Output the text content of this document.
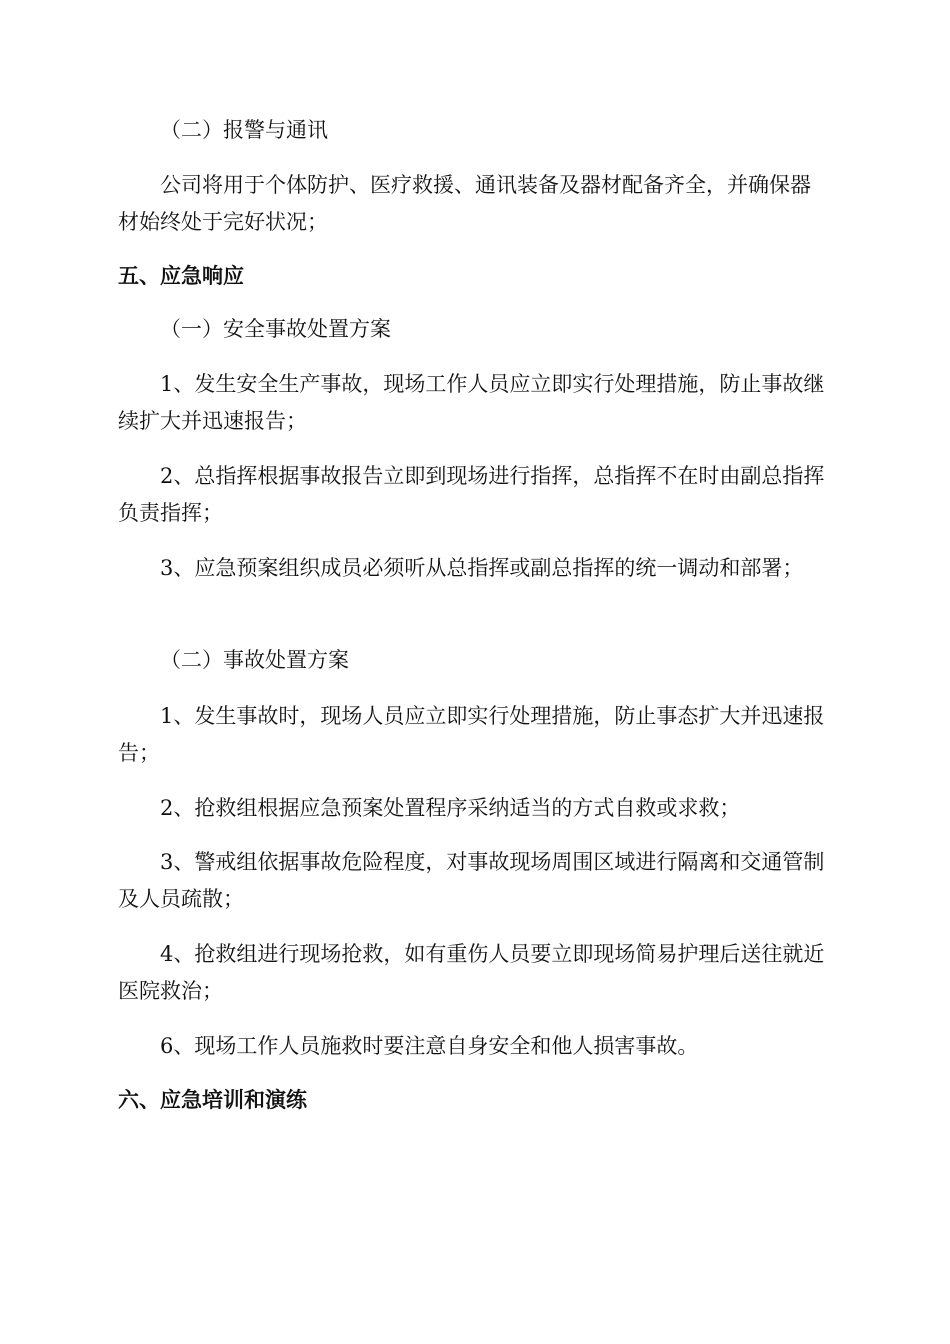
（二）报警与通讯
公司将用于个体防护、医疗救援、通讯装备及器材配备齐全，并确保器材始终处于完好状况；
五、应急响应
（一）安全事故处置方案
1、发生安全生产事故，现场工作人员应立即实行处理措施，防止事故继续扩大并迅速报告；
2、总指挥根据事故报告立即到现场进行指挥，总指挥不在时由副总指挥负责指挥；
3、应急预案组织成员必须听从总指挥或副总指挥的统一调动和部署；
（二）事故处置方案
1、发生事故时，现场人员应立即实行处理措施，防止事态扩大并迅速报告；
2、抢救组根据应急预案处置程序采纳适当的方式自救或求救；
3、警戒组依据事故危险程度，对事故现场周围区域进行隔离和交通管制及人员疏散；
4、抢救组进行现场抢救，如有重伤人员要立即现场简易护理后送往就近医院救治；
6、现场工作人员施救时要注意自身安全和他人损害事故。
六、应急培训和演练
